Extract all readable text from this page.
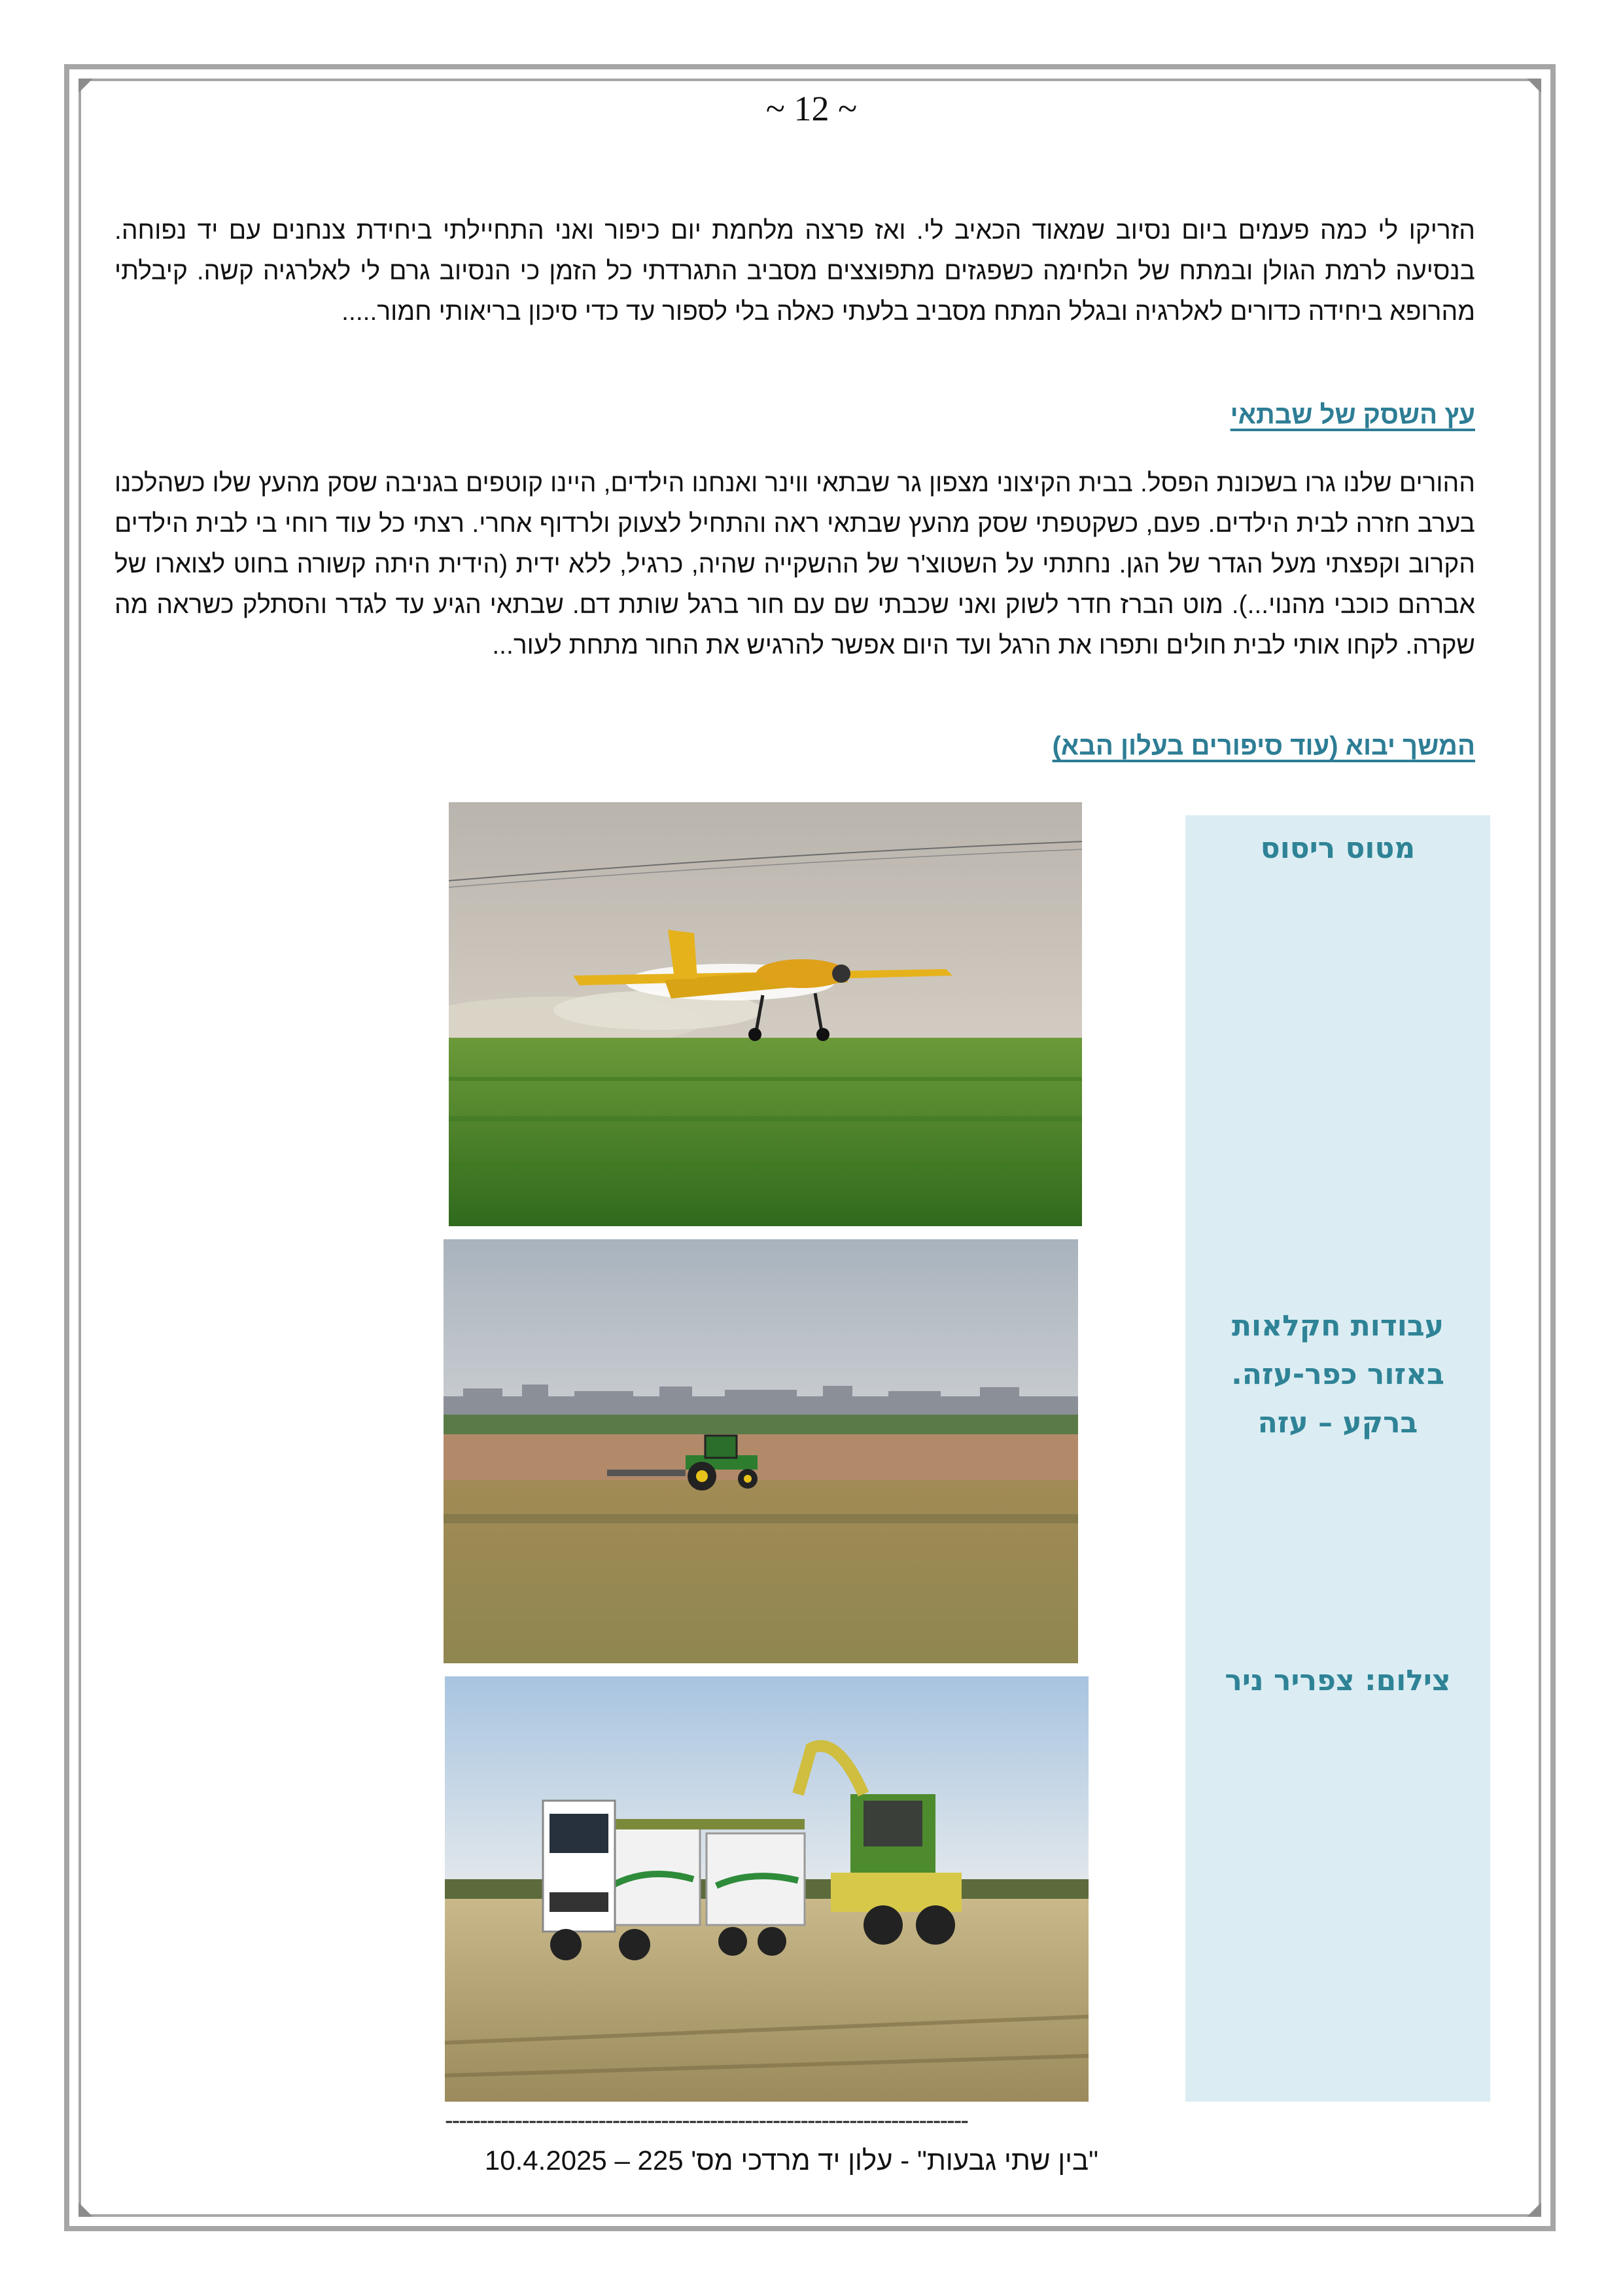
~ 12 ~
הזריקו לי כמה פעמים ביום נסיוב שמאוד הכאיב לי. ואז פרצה מלחמת יום כיפור ואני התחיילתי ביחידת צנחנים עם יד נפוחה. בנסיעה לרמת הגולן ובמתח של הלחימה כשפגזים מתפוצצים מסביב התגרדתי כל הזמן כי הנסיוב גרם לי לאלרגיה קשה. קיבלתי מהרופא ביחידה כדורים לאלרגיה ובגלל המתח מסביב בלעתי כאלה בלי לספור עד כדי סיכון בריאותי חמור.....
עץ השסק של שבתאי
ההורים שלנו גרו בשכונת הפסל. בבית הקיצוני מצפון גר שבתאי ווינר ואנחנו הילדים, היינו קוטפים בגניבה שסק מהעץ שלו כשהלכנו בערב חזרה לבית הילדים. פעם, כשקטפתי שסק מהעץ שבתאי ראה והתחיל לצעוק ולרדוף אחרי. רצתי כל עוד רוחי בי לבית הילדים הקרוב וקפצתי מעל הגדר של הגן. נחתתי על השטוצ'ר של ההשקייה שהיה, כרגיל, ללא ידית (הידית היתה קשורה בחוט לצוארו של אברהם כוכבי מהנוי...). מוט הברז חדר לשוק ואני שכבתי שם עם חור ברגל שותת דם. שבתאי הגיע עד לגדר והסתלק כשראה מה שקרה. לקחו אותי לבית חולים ותפרו את הרגל ועד היום אפשר להרגיש את החור מתחת לעור...
המשך יבוא (עוד סיפורים בעלון הבא)
מטוס ריסוס
עבודות חקלאות
באזור כפר-עזה.
ברקע – עזה
צילום: צפריר ניר
---------------------------------------------------------------------------
"בין שתי גבעות" - עלון יד מרדכי מס' 225 – 10.4.2025
